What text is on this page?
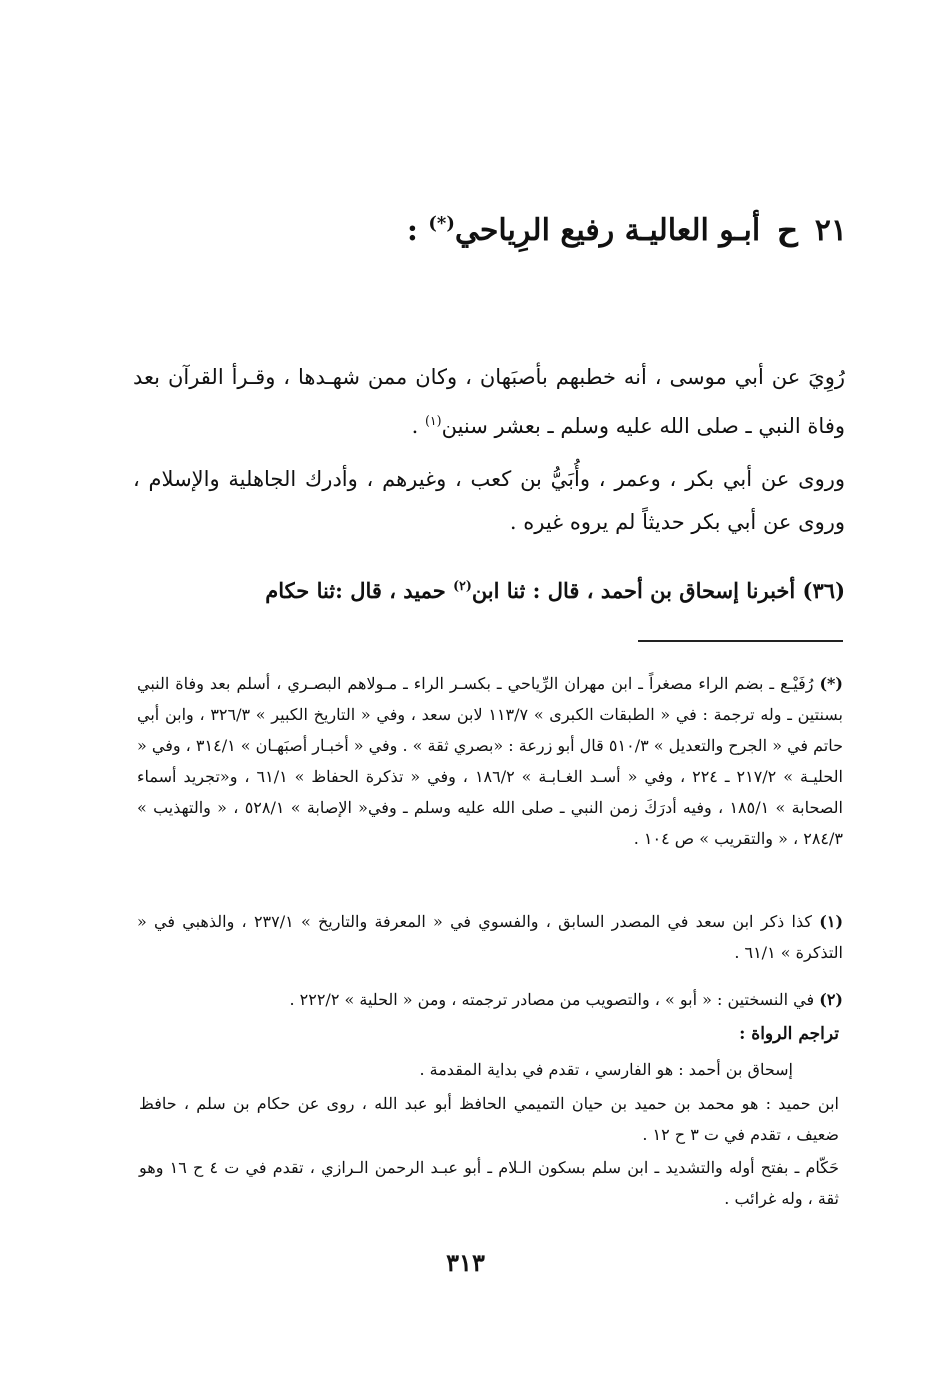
٢١ ح أبـو العاليـة رفيع الرِياحي(*) :
رُوِيَ عن أبي موسى ، أنه خطبهم بأصبَهان ، وكان ممن شهـدها ، وقـرأ القرآن بعد وفاة النبي ـ صلى الله عليه وسلم ـ بعشر سنين$^{(١)}$ .
وروى عن أبي بكر ، وعمر ، وأُبَيُّ بن كعب ، وغيرهم ، وأدرك الجاهلية والإسلام ، وروى عن أبي بكر حديثاً لم يروه غيره .
(٣٦) أخبرنا إسحاق بن أحمد ، قال : ثنا ابن$^{(٢)}$ حميد ، قال :ثنا حكام
(*) رُفَيْـع ـ بضم الراء مصغراً ـ ابن مهران الرِّياحي ـ بكسـر الراء ـ مـولاهم البصـري ، أسلم بعد وفاة النبي بسنتين ـ وله ترجمة : في « الطبقات الكبرى » ١١٣/٧ لابن سعد ، وفي « التاريخ الكبير » ٣٢٦/٣ ، وابن أبي حاتم في « الجرح والتعديل » ٥١٠/٣ قال أبو زرعة : «بصري ثقة » . وفي « أخبـار أصبَهـان » ٣١٤/١ ، وفي « الحليـة » ٢١٧/٢ ـ ٢٢٤ ، وفي « أسـد الغـابـة » ١٨٦/٢ ، وفي « تذكرة الحفاظ » ٦١/١ ، و«تجريد أسماء الصحابة » ١٨٥/١ ، وفيه أدرَكَ زمن النبي ـ صلى الله عليه وسلم ـ وفي« الإصابة » ٥٢٨/١ ، « والتهذيب » ٢٨٤/٣ ، « والتقريب » ص ١٠٤ .
(١) كذا ذكر ابن سعد في المصدر السابق ، والفسوي في « المعرفة والتاريخ » ٢٣٧/١ ، والذهبي في « التذكرة » ٦١/١ .
(٢) في النسختين : « أبو » ، والتصويب من مصادر ترجمته ، ومن « الحلية » ٢٢٢/٢ .
تراجم الرواة :
إسحاق بن أحمد : هو الفارسي ، تقدم في بداية المقدمة .
ابن حميد : هو محمد بن حميد بن حيان التميمي الحافظ أبو عبد الله ، روى عن حكام بن سلم ، حافظ ضعيف ، تقدم في ت ٣ ح ١٢ .
حَكّام ـ بفتح أوله والتشديد ـ ابن سلم بسكون الـلام ـ أبو عبـد الرحمن الـرازي ، تقدم في ت ٤ ح ١٦ وهو ثقة ، وله غرائب .
٣١٣
